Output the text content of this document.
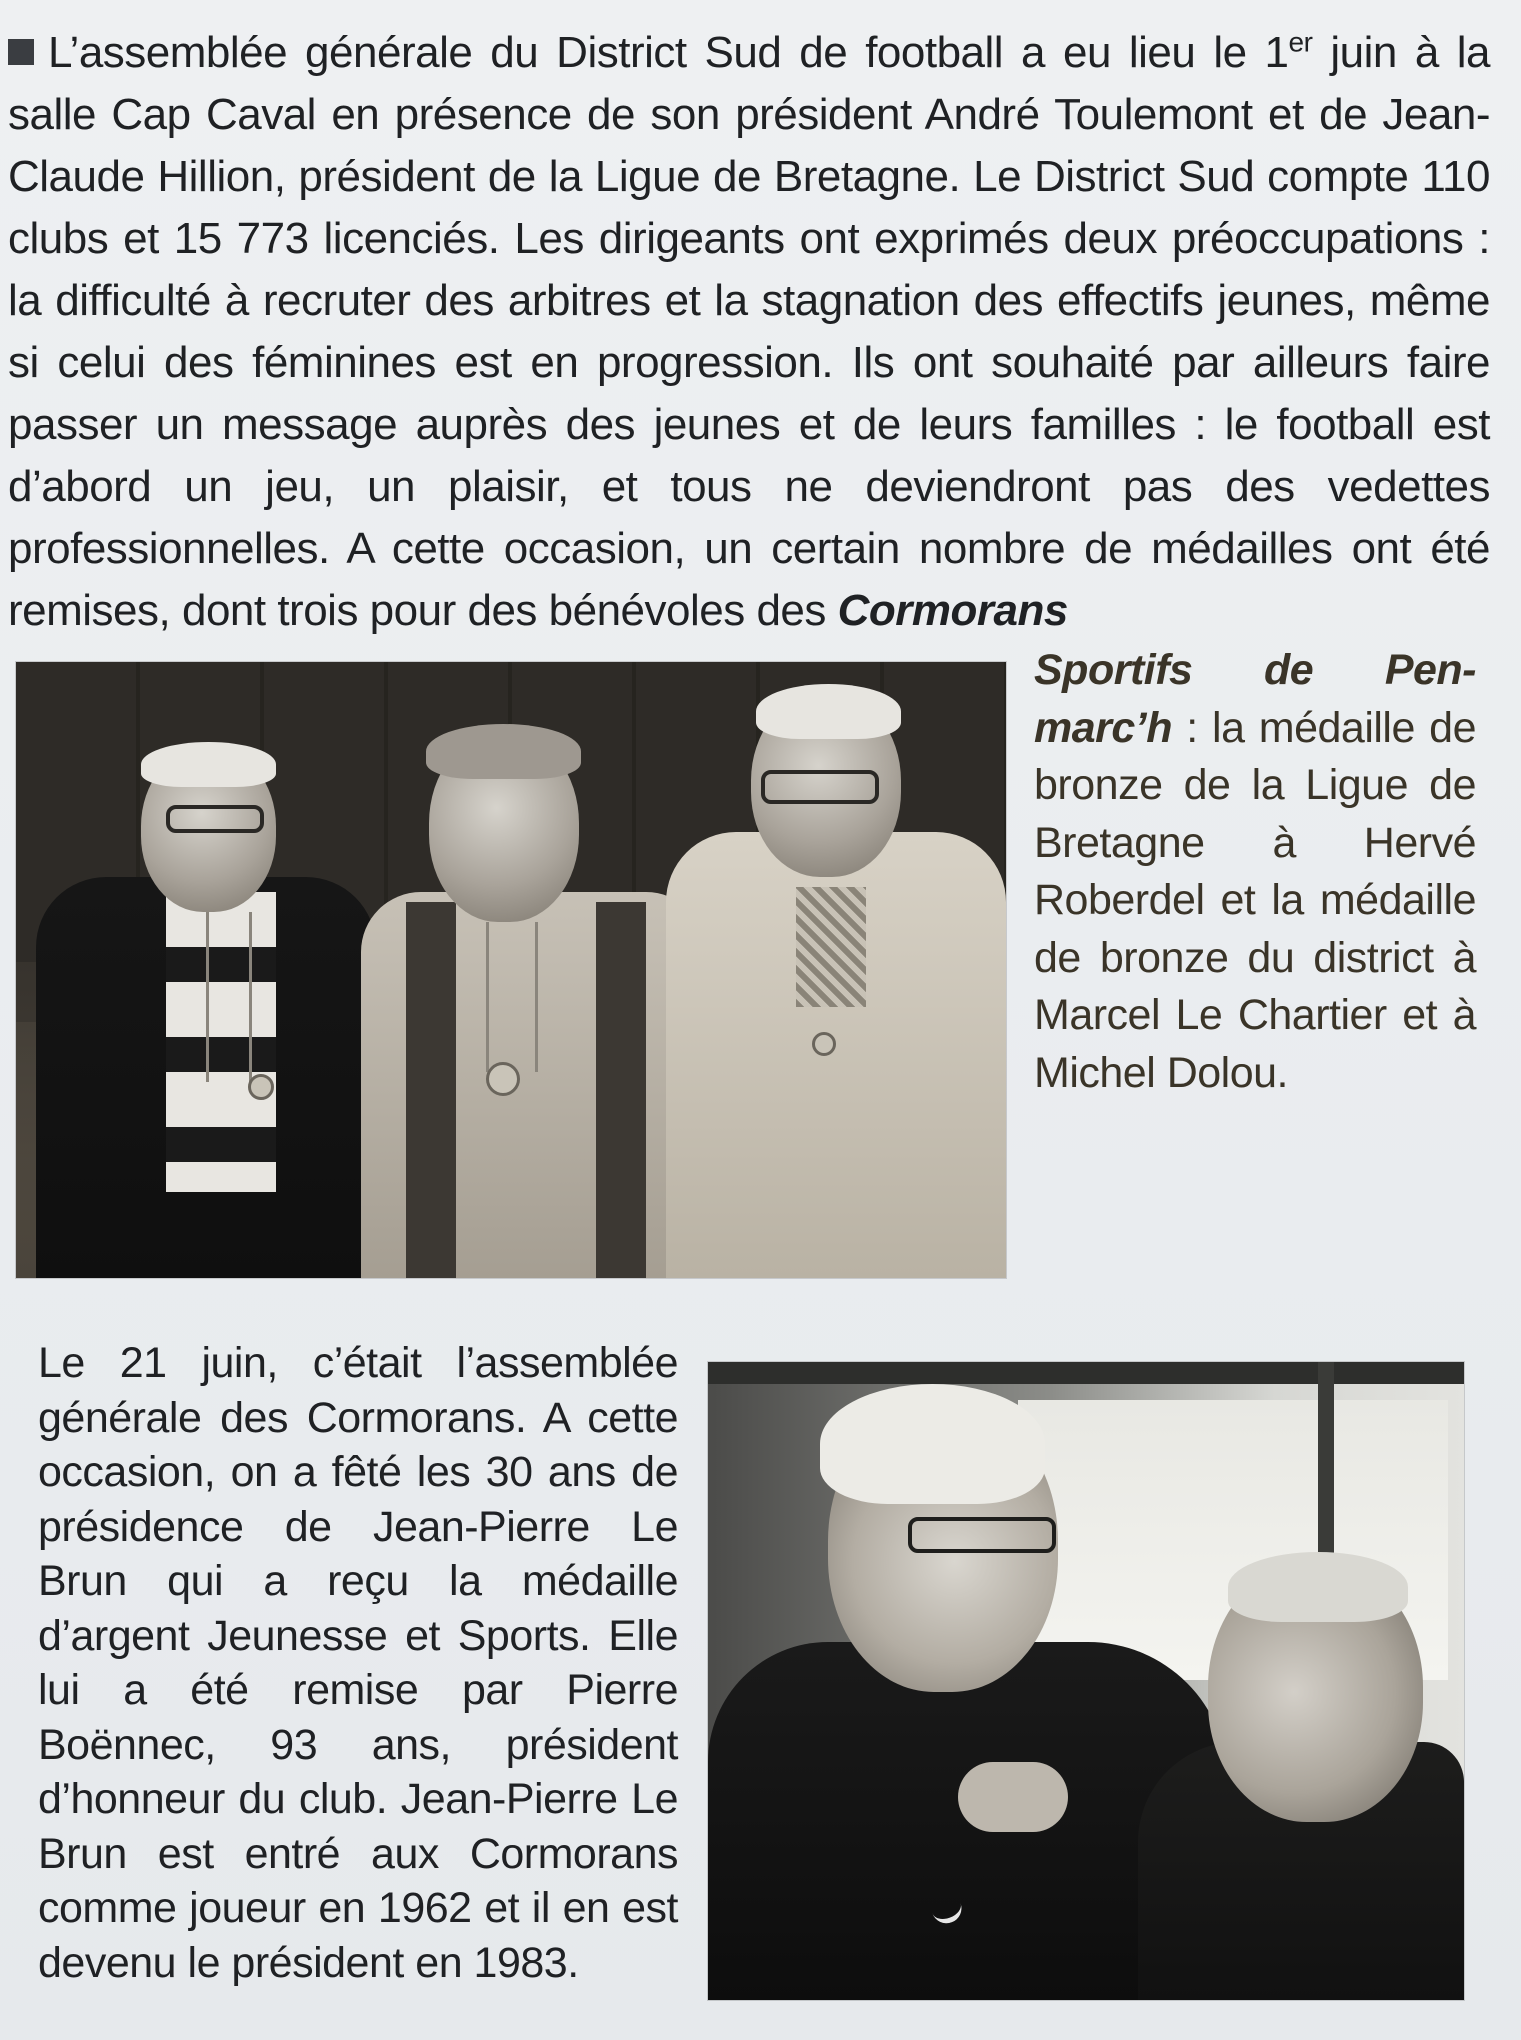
L’assemblée générale du District Sud de football a eu lieu le 1er juin à la salle Cap Caval en présence de son président André Toulemont et de Jean-Claude Hillion, président de la Ligue de Bretagne. Le District Sud compte 110 clubs et 15 773 licenciés. Les dirigeants ont exprimés deux préoccupations : la difficulté à recruter des arbitres et la stagnation des effectifs jeunes, même si celui des féminines est en progression. Ils ont souhaité par ailleurs faire passer un message auprès des jeunes et de leurs familles : le football est d’abord un jeu, un plaisir, et tous ne deviendront pas des vedettes professionnelles. A cette occasion, un certain nombre de médailles ont été remises, dont trois pour des bénévoles des Cormorans
Sportifs de Pen-marc’h : la médaille de bronze de la Ligue de Bretagne à Hervé Roberdel et la médaille de bronze du district à Marcel Le Chartier et à Michel Dolou.
Le 21 juin, c’était l’assemblée générale des Cormorans. A cette occasion, on a fêté les 30 ans de présidence de Jean-Pierre Le Brun qui a reçu la médaille d’argent Jeunesse et Sports. Elle lui a été remise par Pierre Boënnec, 93 ans, président d’honneur du club. Jean-Pierre Le Brun est entré aux Cormorans comme joueur en 1962 et il en est devenu le président en 1983.
